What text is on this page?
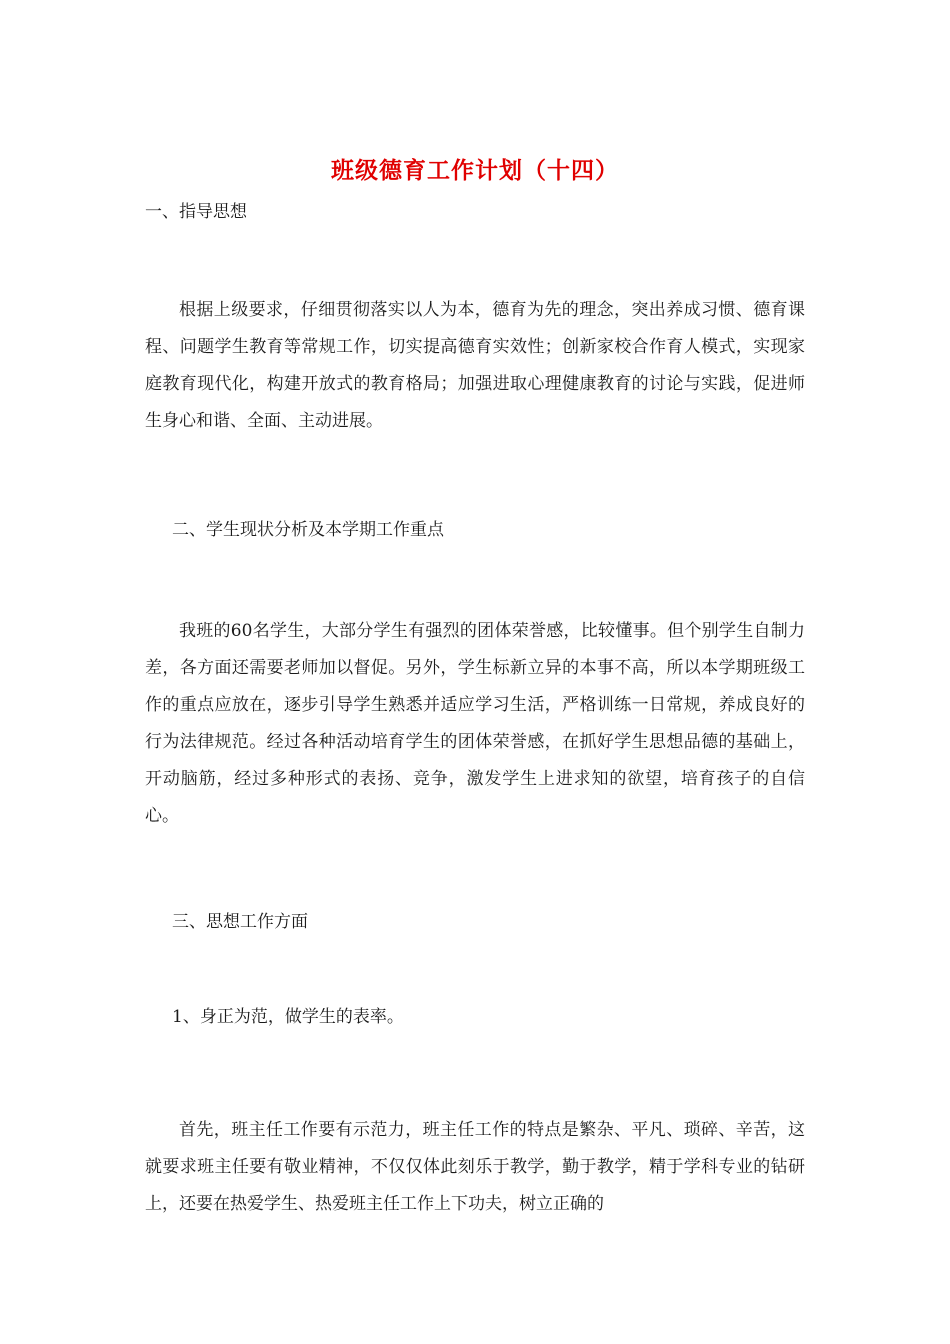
班级德育工作计划（十四）
一、指导思想
根据上级要求，仔细贯彻落实以人为本，德育为先的理念，突出养成习惯、德育课程、问题学生教育等常规工作，切实提高德育实效性；创新家校合作育人模式，实现家庭教育现代化，构建开放式的教育格局；加强进取心理健康教育的讨论与实践，促进师生身心和谐、全面、主动进展。
二、学生现状分析及本学期工作重点
我班的60名学生，大部分学生有强烈的团体荣誉感，比较懂事。但个别学生自制力差，各方面还需要老师加以督促。另外，学生标新立异的本事不高，所以本学期班级工作的重点应放在，逐步引导学生熟悉并适应学习生活，严格训练一日常规，养成良好的行为法律规范。经过各种活动培育学生的团体荣誉感，在抓好学生思想品德的基础上，开动脑筋，经过多种形式的表扬、竞争，激发学生上进求知的欲望，培育孩子的自信心。
三、思想工作方面
1、身正为范，做学生的表率。
首先，班主任工作要有示范力，班主任工作的特点是繁杂、平凡、琐碎、辛苦，这就要求班主任要有敬业精神，不仅仅体此刻乐于教学，勤于教学，精于学科专业的钻研上，还要在热爱学生、热爱班主任工作上下功夫，树立正确的
